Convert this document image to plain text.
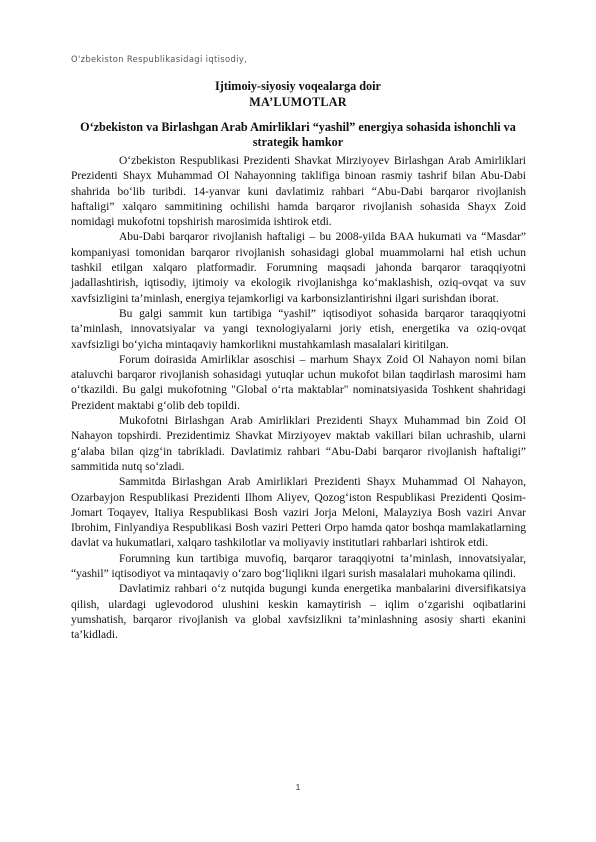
O'zbekiston Respublikasidagi iqtisodiy,
Ijtimoiy-siyosiy voqealarga doir
MA’LUMOTLAR
O‘zbekiston va Birlashgan Arab Amirliklari “yashil” energiya sohasida ishonchli va strategik hamkor

O‘zbekiston Respublikasi Prezidenti Shavkat Mirziyoyev Birlashgan Arab Amirliklari Prezidenti Shayx Muhammad Ol Nahayonning taklifiga binoan rasmiy tashrif bilan Abu-Dabi shahrida bo‘lib turibdi. 14-yanvar kuni davlatimiz rahbari “Abu-Dabi barqaror rivojlanish haftaligi” xalqaro sammitining ochilishi hamda barqaror rivojlanish sohasida Shayx Zoid nomidagi mukofotni topshirish marosimida ishtirok etdi.

Abu-Dabi barqaror rivojlanish haftaligi – bu 2008-yilda BAA hukumati va “Masdar” kompaniyasi tomonidan barqaror rivojlanish sohasidagi global muammolarni hal etish uchun tashkil etilgan xalqaro platformadir. Forumning maqsadi jahonda barqaror taraqqiyotni jadallashtirish, iqtisodiy, ijtimoiy va ekologik rivojlanishga ko‘maklashish, oziq-ovqat va suv xavfsizligini ta’minlash, energiya tejamkorligi va karbonsizlantirishni ilgari surishdan iborat.

Bu galgi sammit kun tartibiga “yashil” iqtisodiyot sohasida barqaror taraqqiyotni ta’minlash, innovatsiyalar va yangi texnologiyalarni joriy etish, energetika va oziq-ovqat xavfsizligi bo‘yicha mintaqaviy hamkorlikni mustahkamlash masalalari kiritilgan.

Forum doirasida Amirliklar asoschisi – marhum Shayx Zoid Ol Nahayon nomi bilan ataluvchi barqaror rivojlanish sohasidagi yutuqlar uchun mukofot bilan taqdirlash marosimi ham o‘tkazildi. Bu galgi mukofotning "Global o‘rta maktablar" nominatsiyasida Toshkent shahridagi Prezident maktabi g‘olib deb topildi.

Mukofotni Birlashgan Arab Amirliklari Prezidenti Shayx Muhammad bin Zoid Ol Nahayon topshirdi. Prezidentimiz Shavkat Mirziyoyev maktab vakillari bilan uchrashib, ularni g‘alaba bilan qizg‘in tabrikladi. Davlatimiz rahbari “Abu-Dabi barqaror rivojlanish haftaligi” sammitida nutq so‘zladi.

Sammitda Birlashgan Arab Amirliklari Prezidenti Shayx Muhammad Ol Nahayon, Ozarbayjon Respublikasi Prezidenti Ilhom Aliyev, Qozog‘iston Respublikasi Prezidenti Qosim-Jomart Toqayev, Italiya Respublikasi Bosh vaziri Jorja Meloni, Malayziya Bosh vaziri Anvar Ibrohim, Finlyandiya Respublikasi Bosh vaziri Petteri Orpo hamda qator boshqa mamlakatlarning davlat va hukumatlari, xalqaro tashkilotlar va moliyaviy institutlari rahbarlari ishtirok etdi.

Forumning kun tartibiga muvofiq, barqaror taraqqiyotni ta’minlash, innovatsiyalar, “yashil” iqtisodiyot va mintaqaviy o‘zaro bog‘liqlikni ilgari surish masalalari muhokama qilindi.

Davlatimiz rahbari o‘z nutqida bugungi kunda energetika manbalarini diversifikatsiya qilish, ulardagi uglevodorod ulushini keskin kamaytirish – iqlim o‘zgarishi oqibatlarini yumshatish, barqaror rivojlanish va global xavfsizlikni ta’minlashning asosiy sharti ekanini ta’kidladi.

1
